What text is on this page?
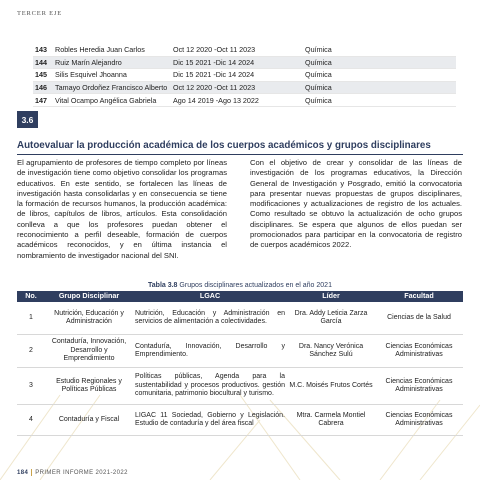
TERCER EJE
143	Robles Heredia Juan Carlos	Oct 12 2020 -Oct 11 2023	Química
144	Ruiz Marín Alejandro	Dic 15 2021 -Dic 14 2024	Química
145	Silis Esquivel Jhoanna	Dic 15 2021 -Dic 14 2024	Química
146	Tamayo Ordoñez Francisco Alberto	Oct 12 2020 -Oct 11 2023	Química
147	Vital Ocampo Angélica Gabriela	Ago 14 2019 -Ago 13 2022	Química
3.6
Autoevaluar la producción académica de los cuerpos académicos y grupos disciplinares
El agrupamiento de profesores de tiempo completo por líneas de investigación tiene como objetivo consolidar los programas educativos. En este sentido, se fortalecen las líneas de investigación hasta consolidarlas y en consecuencia se tiene la formación de recursos humanos, la producción académica: de libros, capítulos de libros, artículos. Esta consolidación conlleva a que los profesores puedan obtener el reconocimiento a perfil deseable, formación de cuerpos académicos reconocidos, y en última instancia el nombramiento de investigador nacional del SNI.
Con el objetivo de crear y consolidar de las líneas de investigación de los programas educativos, la Dirección General de Investigación y Posgrado, emitió la convocatoria para presentar nuevas propuestas de grupos disciplinares, modificaciones y actualizaciones de registro de los actuales. Como resultado se obtuvo la actualización de ocho grupos disciplinares. Se espera que algunos de ellos puedan ser promocionados para participar en la convocatoria de registro de cuerpos académicos 2022.
Tabla 3.8 Grupos disciplinares actualizados en el año 2021
No.	Grupo Disciplinar	LGAC	Líder	Facultad
1	Nutrición, Educación y Administración	Nutrición, Educación y Administración en servicios de alimentación a colectividades.	Dra. Addy Leticia Zarza García	Ciencias de la Salud
2	Contaduría, Innovación, Desarrollo y Emprendimiento	Contaduría, Innovación, Desarrollo y Emprendimiento.	Dra. Nancy Verónica Sánchez Sulú	Ciencias Económicas Administrativas
3	Estudio Regionales y Políticas Públicas	Políticas públicas, Agenda para la sustentabilidad y procesos productivos. gestión comunitaria, patrimonio biocultural y turismo.	M.C. Moisés Frutos Cortés	Ciencias Económicas Administrativas
4	Contaduría y Fiscal	LIGAC 11 Sociedad, Gobierno y Legislación. Estudio de contaduría y del área fiscal	Mtra. Carmela Montiel Cabrera	Ciencias Económicas Administrativas
184 PRIMER INFORME 2021-2022
